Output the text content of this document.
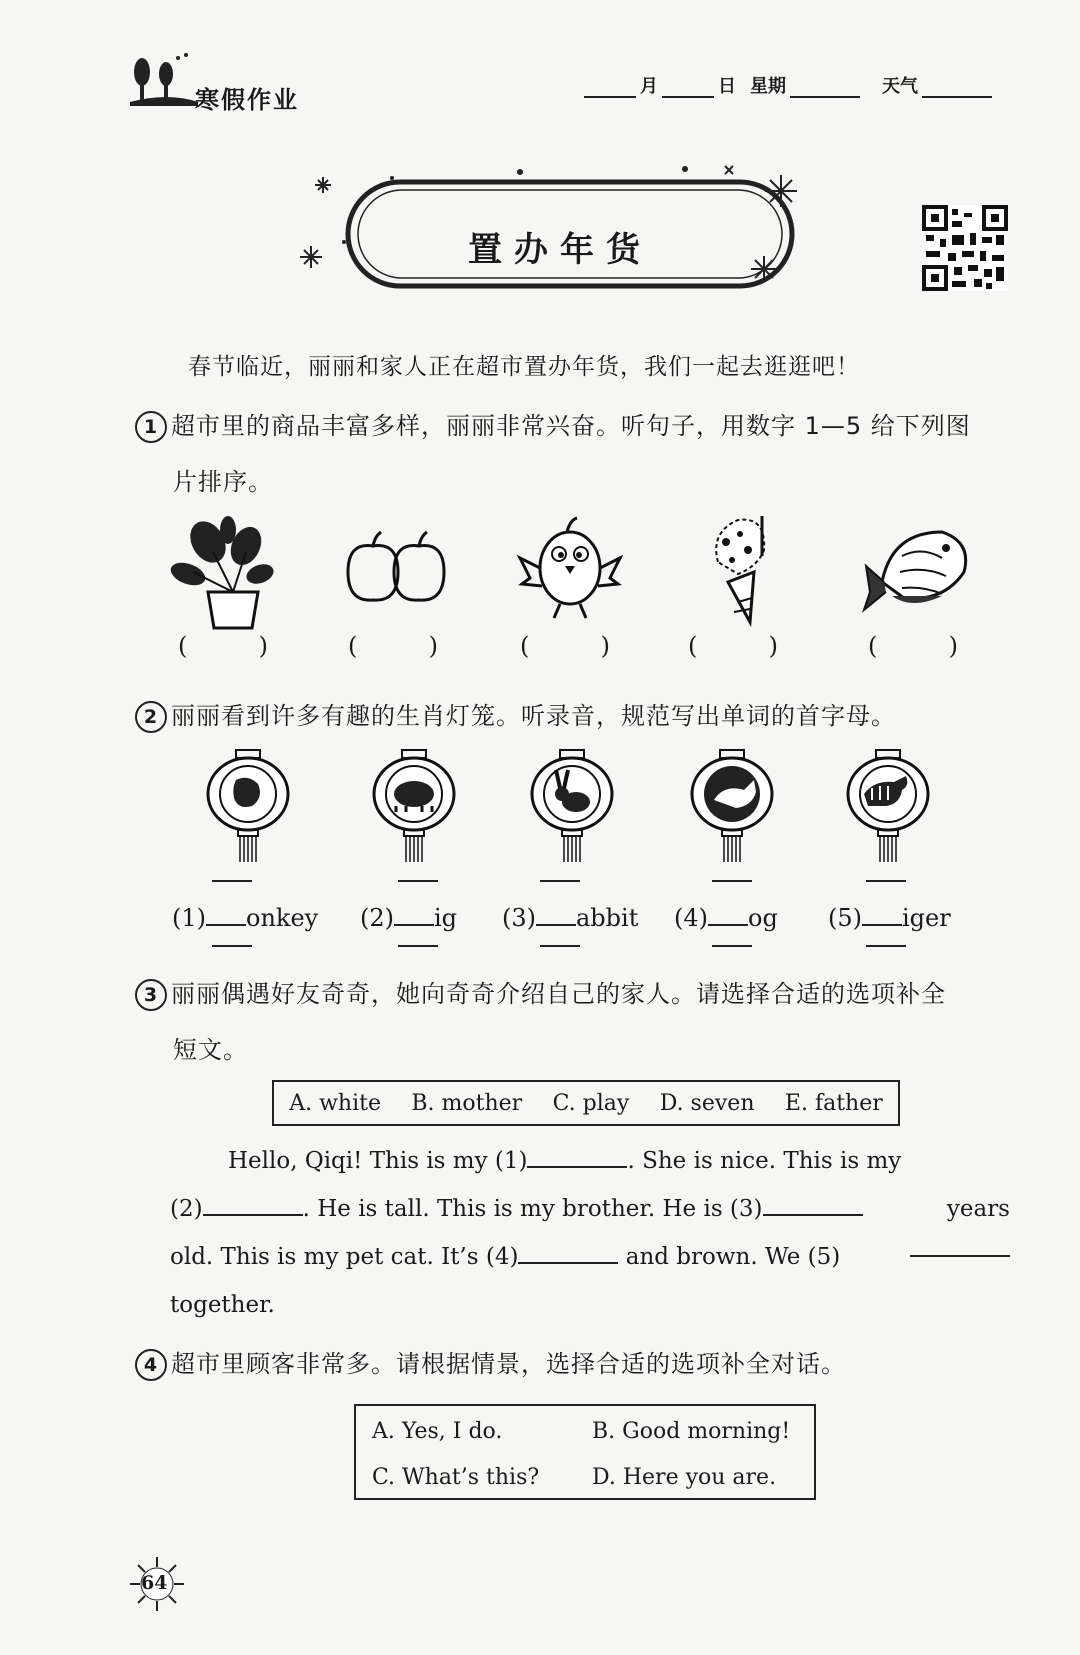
寒假作业	月	日 星期	天气
置办年货
春节临近，丽丽和家人正在超市置办年货，我们一起去逛逛吧！
1 超市里的商品丰富多样，丽丽非常兴奋。听句子，用数字 1—5 给下列图
片排序。
(	)	(	)	(	)	(	)	(	)
2 丽丽看到许多有趣的生肖灯笼。听录音，规范写出单词的首字母。
(1) onkey (2) ig (3) abbit (4) og (5) iger
3 丽丽偶遇好友奇奇，她向奇奇介绍自己的家人。请选择合适的选项补全
短文。
A. white B. mother C. play D. seven E. father
Hello, Qiqi! This is my (1)	. She is nice. This is my
(2)	. He is tall. This is my brother. He is (3)	years
old. This is my pet cat. It’s (4)	and brown. We (5)
together.
4 超市里顾客非常多。请根据情景，选择合适的选项补全对话。
A. Yes, I do.	B. Good morning!
C. What’s this?	D. Here you are.
64
